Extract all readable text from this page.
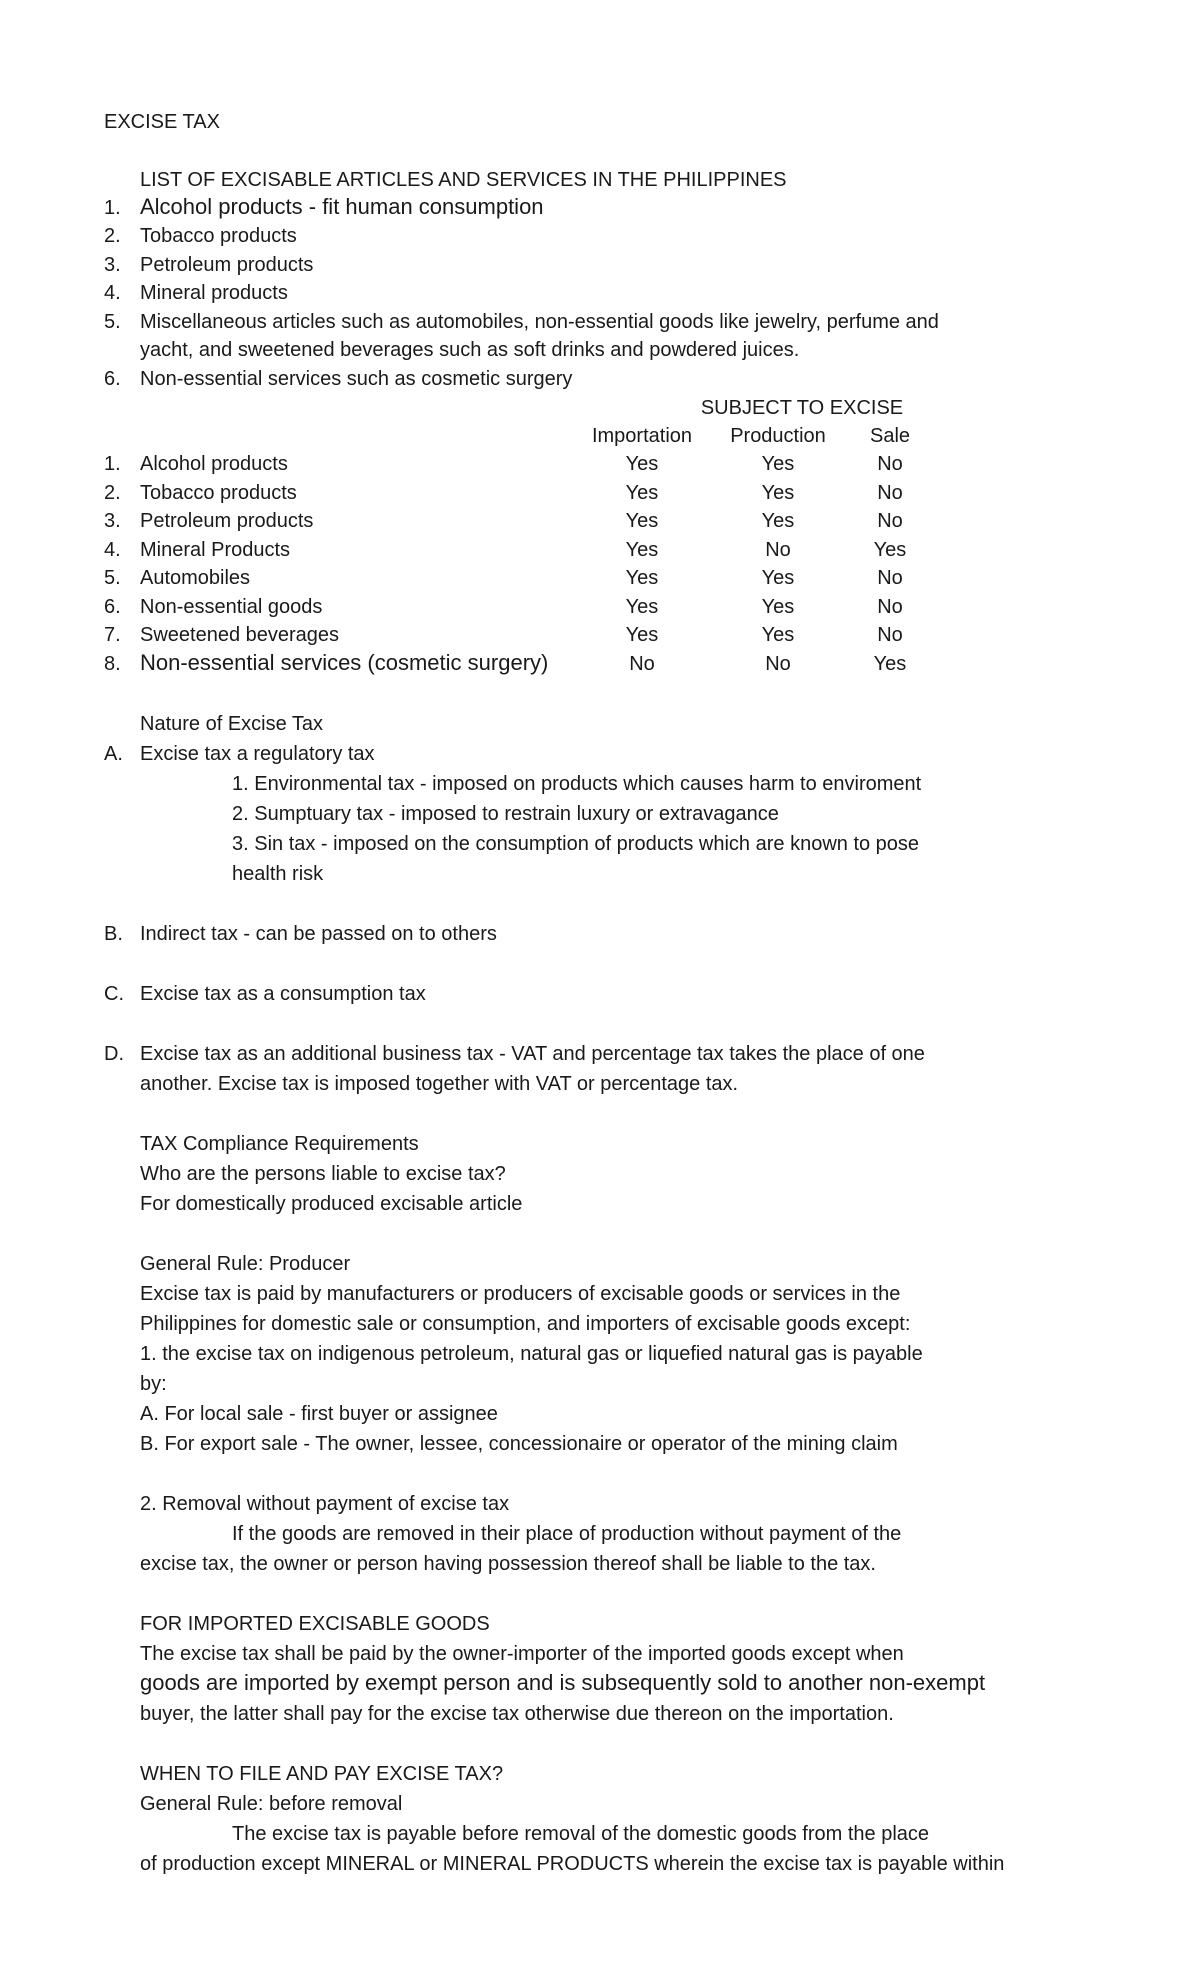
EXCISE TAX
LIST OF EXCISABLE ARTICLES AND SERVICES IN THE PHILIPPINES
1. Alcohol products - fit human consumption
2. Tobacco products
3. Petroleum products
4. Mineral products
5. Miscellaneous articles such as automobiles, non-essential goods like jewelry, perfume and
yacht, and sweetened beverages such as soft drinks and powdered juices.
6. Non-essential services such as cosmetic surgery
SUBJECT TO EXCISE
Importation	Production	Sale
1. Alcohol products	Yes	Yes	No
2. Tobacco products	Yes	Yes	No
3. Petroleum products	Yes	Yes	No
4. Mineral Products	Yes	No	Yes
5. Automobiles	Yes	Yes	No
6. Non-essential goods	Yes	Yes	No
7. Sweetened beverages	Yes	Yes	No
8. Non-essential services (cosmetic surgery)	No	No	Yes
Nature of Excise Tax
A. Excise tax a regulatory tax
1. Environmental tax - imposed on products which causes harm to enviroment
2. Sumptuary tax - imposed to restrain luxury or extravagance
3. Sin tax - imposed on the consumption of products which are known to pose
health risk
B. Indirect tax - can be passed on to others
C. Excise tax as a consumption tax
D. Excise tax as an additional business tax - VAT and percentage tax takes the place of one
another. Excise tax is imposed together with VAT or percentage tax.
TAX Compliance Requirements
Who are the persons liable to excise tax?
For domestically produced excisable article
General Rule: Producer
Excise tax is paid by manufacturers or producers of excisable goods or services in the
Philippines for domestic sale or consumption, and importers of excisable goods except:
1. the excise tax on indigenous petroleum, natural gas or liquefied natural gas is payable
by:
A. For local sale - first buyer or assignee
B. For export sale - The owner, lessee, concessionaire or operator of the mining claim
2. Removal without payment of excise tax
If the goods are removed in their place of production without payment of the
excise tax, the owner or person having possession thereof shall be liable to the tax.
FOR IMPORTED EXCISABLE GOODS
The excise tax shall be paid by the owner-importer of the imported goods except when
goods are imported by exempt person and is subsequently sold to another non-exempt
buyer, the latter shall pay for the excise tax otherwise due thereon on the importation.
WHEN TO FILE AND PAY EXCISE TAX?
General Rule: before removal
The excise tax is payable before removal of the domestic goods from the place
of production except MINERAL or MINERAL PRODUCTS wherein the excise tax is payable within
